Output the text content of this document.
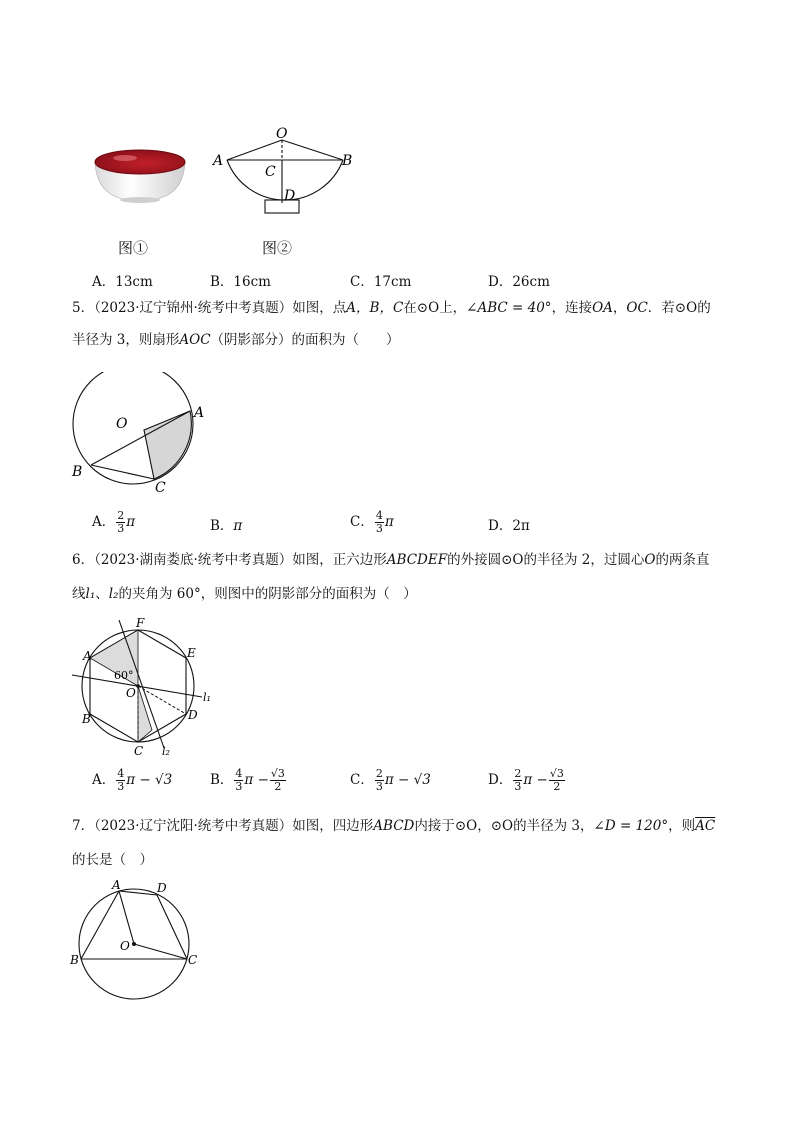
O
A	B
C
D
图①	图②
A．13cm	B．16cm	C．17cm	D．26cm
5．（2023·辽宁锦州·统考中考真题）如图，点A，B，C在⊙O上，∠ABC = 40°，连接OA，OC．若⊙O的
半径为 3，则扇形AOC（阴影部分）的面积为（　　）
O
A
B
C
A． $\frac{2}{3}$ π	B．π	C． $\frac{4}{3}$ π	D．2π
6．（2023·湖南娄底·统考中考真题）如图，正六边形ABCDEF的外接圆⊙O的半径为 2，过圆心O的两条直
线l₁、l₂的夹角为 60°，则图中的阴影部分的面积为（　）
F
E
A
60°
O	l₁
D
B
C l₂
A． $\frac{4}{3}$ π − √3	B． $\frac{4}{3}$ $\pi - \frac{√3}{2}$	C． $\frac{2}{3}$ π − √3	D． $\frac{2}{3}$ $\pi - \frac{√3}{2}$
7．（2023·辽宁沈阳·统考中考真题）如图，四边形ABCD内接于⊙O，⊙O的半径为 3，∠D = 120°，则$\overline{AC}$
的长是（　）
A	D
O
B	C
